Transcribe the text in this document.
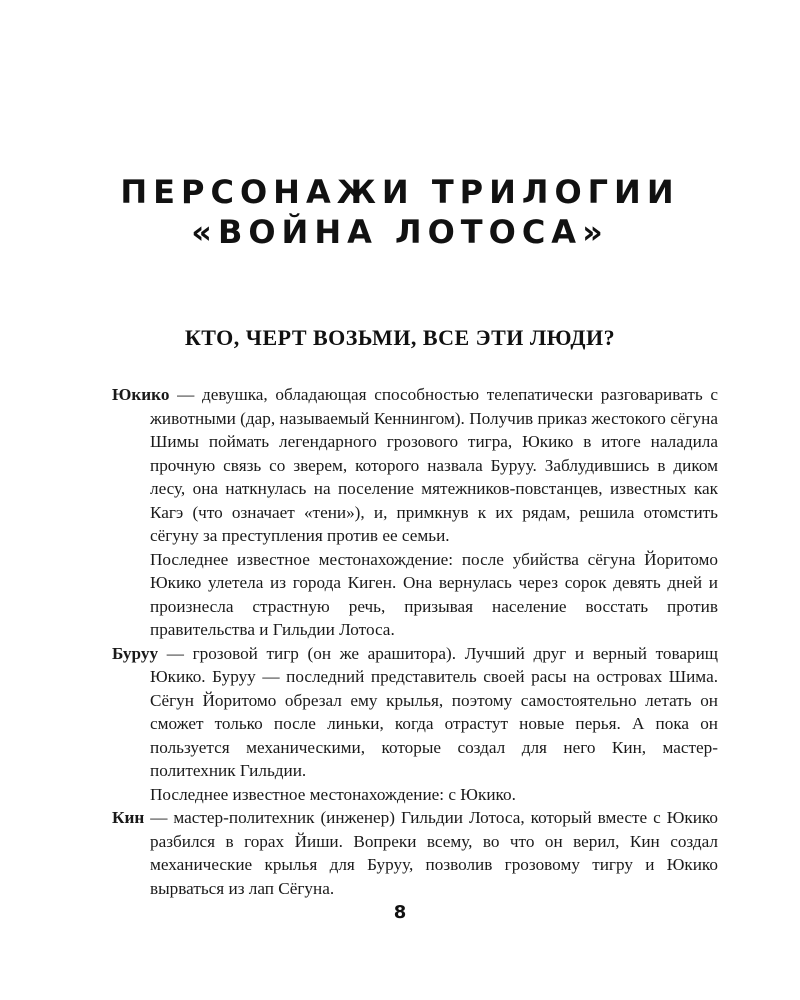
ПЕРСОНАЖИ ТРИЛОГИИ
«ВОЙНА ЛОТОСА»
КТО, ЧЕРТ ВОЗЬМИ, ВСЕ ЭТИ ЛЮДИ?

Юкико — девушка, обладающая способностью телепатически разговаривать с животными (дар, называемый Кеннингом). Получив приказ жестокого сёгуна Шимы поймать легендарного грозового тигра, Юкико в итоге наладила прочную связь со зверем, которого назвала Буруу. Заблудившись в диком лесу, она наткнулась на поселение мятежников-повстанцев, известных как Кагэ (что означает «тени»), и, примкнув к их рядам, решила отомстить сёгуну за преступления против ее семьи.

Последнее известное местонахождение: после убийства сёгуна Йоритомо Юкико улетела из города Киген. Она вернулась через сорок девять дней и произнесла страстную речь, призывая население восстать против правительства и Гильдии Лотоса.

Буруу — грозовой тигр (он же арашитора). Лучший друг и верный товарищ Юкико. Буруу — последний представитель своей расы на островах Шима. Сёгун Йоритомо обрезал ему крылья, поэтому самостоятельно летать он сможет только после линьки, когда отрастут новые перья. А пока он пользуется механическими, которые создал для него Кин, мастер-политехник Гильдии.

Последнее известное местонахождение: с Юкико.

Кин — мастер-политехник (инженер) Гильдии Лотоса, который вместе с Юкико разбился в горах Йиши. Вопреки всему, во что он верил, Кин создал механические крылья для Буруу, позволив грозовому тигру и Юкико вырваться из лап Сёгуна.

8
